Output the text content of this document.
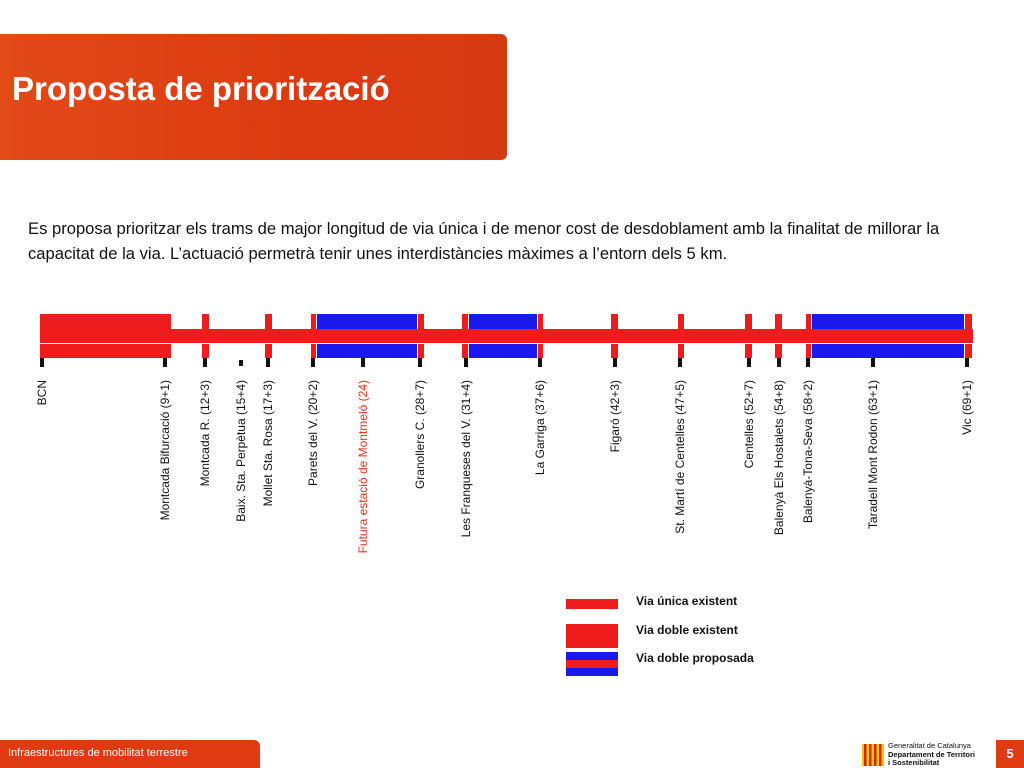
Proposta de priorització
Es proposa prioritzar els trams de major longitud de via única i de menor cost de desdoblament amb la finalitat de millorar la capacitat de la via. L’actuació permetrà tenir unes interdistàncies màximes a l’entorn dels 5 km.
BCN	Montcada Bifurcació (9+1) Montcada R. (12+3) Baix. Sta. Perpètua (15+4) Mollet Sta. Rosa (17+3)	Parets del V. (20+2)	Futura estació de Montmeló (24)	Granollers C. (28+7)	Les Franqueses del V. (31+4)	La Garriga (37+6)	Figaró (42+3)	St. Martí de Centelles (47+5)	Centelles (52+7) Balenyà Els Hostalets (54+8) Balenyà-Tona-Seva (58+2)	Taradell Mont Rodon (63+1)	Vic (69+1)
Via única existent
Via doble existent
Via doble proposada
Infraestructures de mobilitat terrestre
Generalitat de Catalunya
Departament de Territori
i Sostenibilitat
5
